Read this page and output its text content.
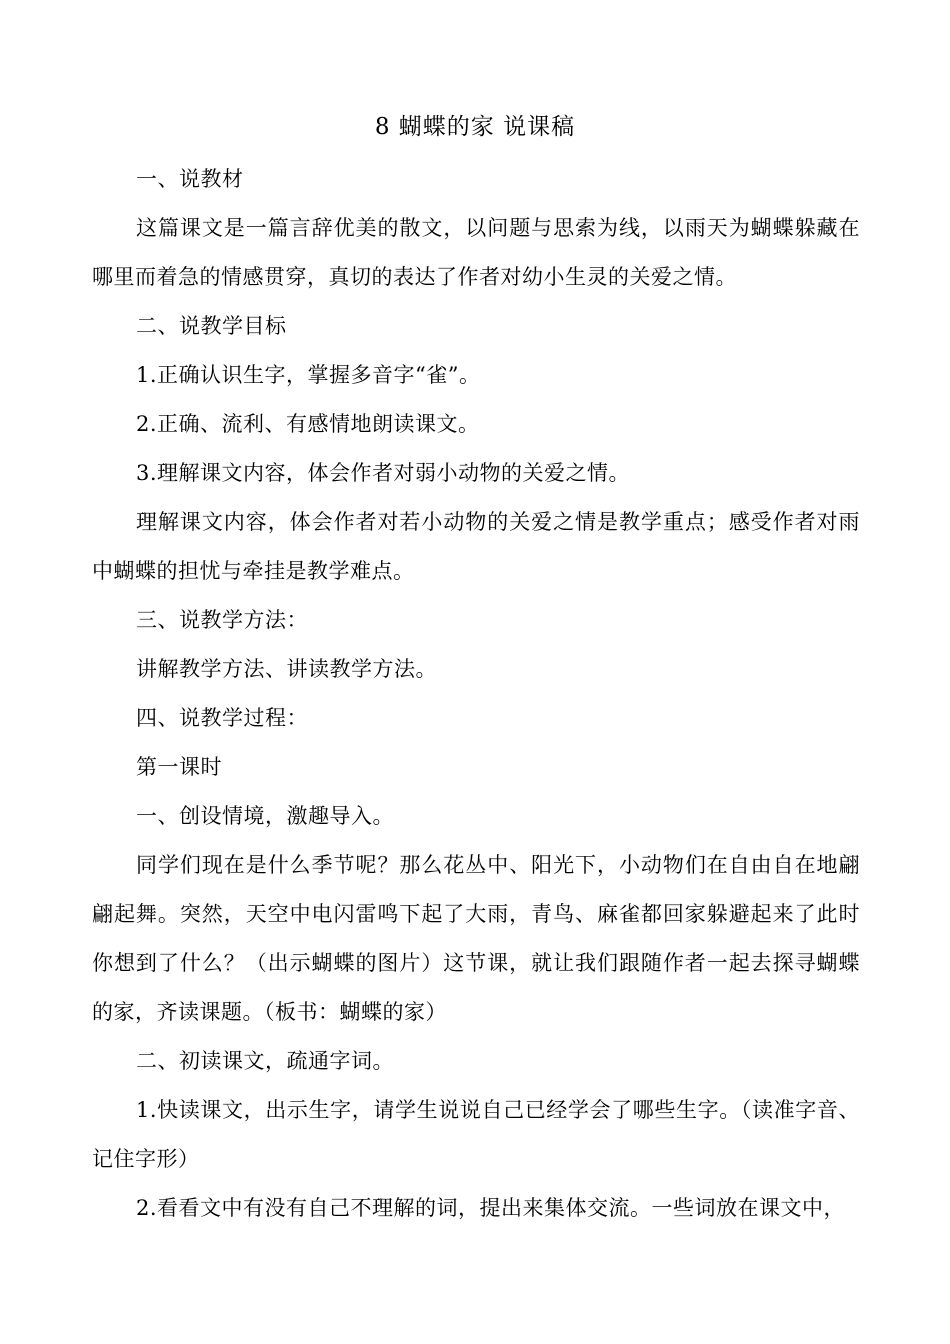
8 蝴蝶的家 说课稿

一、说教材

这篇课文是一篇言辞优美的散文，以问题与思索为线，以雨天为蝴蝶躲藏在哪里而着急的情感贯穿，真切的表达了作者对幼小生灵的关爱之情。

二、说教学目标

1.正确认识生字，掌握多音字“雀”。

2.正确、流利、有感情地朗读课文。

3.理解课文内容，体会作者对弱小动物的关爱之情。

理解课文内容，体会作者对若小动物的关爱之情是教学重点；感受作者对雨中蝴蝶的担忧与牵挂是教学难点。

三、说教学方法：

讲解教学方法、讲读教学方法。

四、说教学过程：

第一课时

一、创设情境，激趣导入。

同学们现在是什么季节呢？那么花丛中、阳光下，小动物们在自由自在地翩翩起舞。突然，天空中电闪雷鸣下起了大雨，青鸟、麻雀都回家躲避起来了此时你想到了什么？（出示蝴蝶的图片）这节课，就让我们跟随作者一起去探寻蝴蝶的家，齐读课题。（板书：蝴蝶的家）

二、初读课文，疏通字词。

1.快读课文，出示生字，请学生说说自己已经学会了哪些生字。（读准字音、记住字形）

2.看看文中有没有自己不理解的词，提出来集体交流。一些词放在课文中，
